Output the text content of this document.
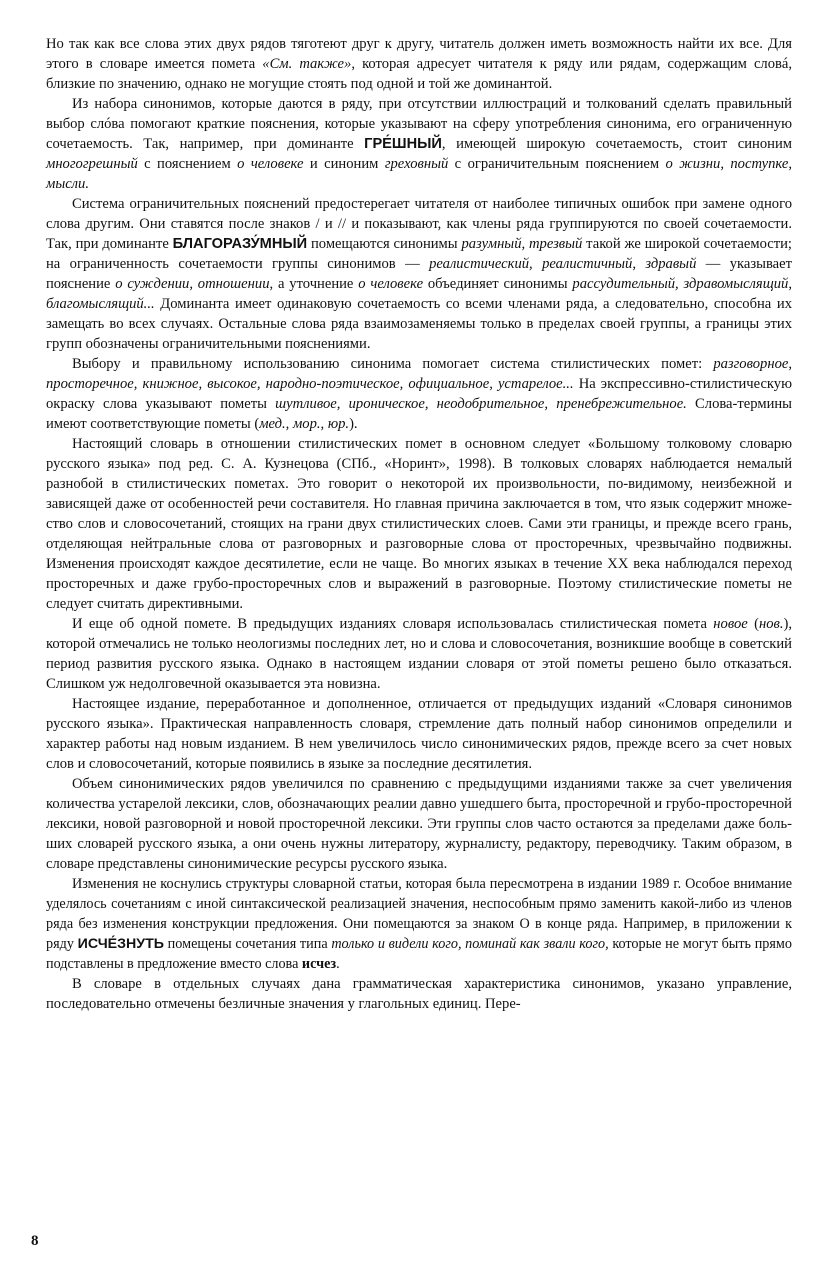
Но так как все слова этих двух рядов тяготеют друг к другу, читатель должен иметь возможность найти их все. Для этого в словаре имеется помета «См. также», которая адресует читателя к ряду или рядам, содержащим словá, близкие по значению, однако не могущие стоять под одной и той же доминантой.

Из набора синонимов, которые даются в ряду, при отсутствии иллюстраций и толкований сделать правильный выбор слóва помогают краткие пояснения, которые указывают на сферу употребления синонима, его ограниченную сочетаемость. Так, например, при доминанте ГРЕ́ШНЫЙ, имеющей широкую сочетаемость, стоит синоним многогрешный с пояснением о человеке и синоним греховный с ограничительным пояснением о жизни, поступке, мысли.

Система ограничительных пояснений предостерегает читателя от наиболее типичных ошибок при замене одного слова другим. Они ставятся после знаков / и // и показывают, как члены ряда группируются по своей сочетаемости. Так, при доминанте БЛАГОРАЗУ́МНЫЙ помещаются синонимы разумный, трезвый такой же широкой сочетаемости; на ограниченность сочетаемости группы синонимов — реалистический, реалистичный, здравый — указывает пояснение о суждении, отношении, а уточнение о человеке объединяет синонимы рассудительный, здравомыслящий, благомыслящий... Доминанта имеет одинаковую сочетаемость со всеми членами ряда, а следовательно, способна их замещать во всех случаях. Остальные слова ряда взаимозаменяемы только в пределах своей группы, а границы этих групп обозначены ограничительными пояснениями.

Выбору и правильному использованию синонима помогает система стилистических помет: разговорное, просторечное, книжное, высокое, народно-поэтическое, официальное, устарелое... На экспрессивно-стилистическую окраску слова указывают пометы шутливое, ироническое, неодобрительное, пренебрежительное. Слова-термины имеют соответствующие пометы (мед., мор., юр.).

Настоящий словарь в отношении стилистических помет в основном следует «Большому толковому словарю русского языка» под ред. С. А. Кузнецова (СПб., «Норинт», 1998). В толковых словарях наблюдается немалый разнобой в стилистических пометах. Это говорит о некоторой их произвольности, по-видимому, неизбежной и зависящей даже от особенностей речи составителя. Но главная причина заключается в том, что язык содержит множество слов и словосочетаний, стоящих на грани двух стилистических слоев. Сами эти границы, и прежде всего грань, отделяющая нейтральные слова от разговорных и разговорные слова от просторечных, чрезвычайно подвижны. Изменения происходят каждое десятилетие, если не чаще. Во многих языках в течение XX века наблюдался переход просторечных и даже грубо-просторечных слов и выражений в разговорные. Поэтому стилистические пометы не следует считать директивными.

И еще об одной помете. В предыдущих изданиях словаря использовалась стилистическая помета новое (нов.), которой отмечались не только неологизмы последних лет, но и слова и словосочетания, возникшие вообще в советский период развития русского языка. Однако в настоящем издании словаря от этой пометы решено было отказаться. Слишком уж недолговечной оказывается эта новизна.

Настоящее издание, переработанное и дополненное, отличается от предыдущих изданий «Словаря синонимов русского языка». Практическая направленность словаря, стремление дать полный набор синонимов определили и характер работы над новым изданием. В нем увеличилось число синонимических рядов, прежде всего за счет новых слов и словосочетаний, которые появились в языке за последние десятилетия.

Объем синонимических рядов увеличился по сравнению с предыдущими изданиями также за счет увеличения количества устарелой лексики, слов, обозначающих реалии давно ушедшего быта, просторечной и грубо-просторечной лексики, новой разговорной и новой просторечной лексики. Эти группы слов часто остаются за пределами даже больших словарей русского языка, а они очень нужны литератору, журналисту, редактору, переводчику. Таким образом, в словаре представлены синонимические ресурсы русского языка.

Изменения не коснулись структуры словарной статьи, которая была пересмотрена в издании 1989 г. Особое внимание уделялось сочетаниям с иной синтаксической реализацией значения, неспособным прямо заменить какой-либо из членов ряда без изменения конструкции предложения. Они помещаются за знаком О в конце ряда. Например, в приложении к ряду ИСЧЕ́ЗНУТЬ помещены сочетания типа только и видели кого, поминай как звали кого, которые не могут быть прямо подставлены в предложение вместо слова исчез.

В словаре в отдельных случаях дана грамматическая характеристика синонимов, указано управление, последовательно отмечены безличные значения у глагольных единиц. Пере-

8
